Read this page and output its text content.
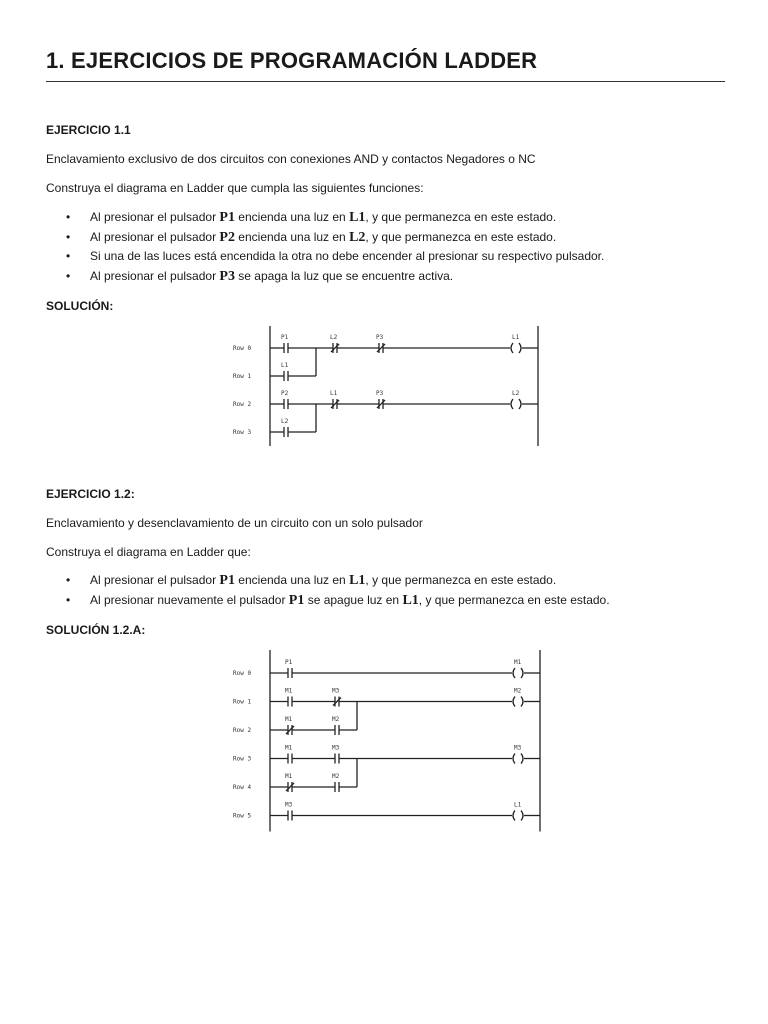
1. EJERCICIOS DE PROGRAMACIÓN LADDER

EJERCICIO 1.1

Enclavamiento exclusivo de dos circuitos con conexiones AND y contactos Negadores o NC

Construya el diagrama en Ladder que cumpla las siguientes funciones:

• Al presionar el pulsador P1 encienda una luz en L1, y que permanezca en este estado.
• Al presionar el pulsador P2 encienda una luz en L2, y que permanezca en este estado.
• Si una de las luces está encendida la otra no debe encender al presionar su respectivo pulsador.
• Al presionar el pulsador P3 se apaga la luz que se encuentre activa.

SOLUCIÓN:

Row 0
Row 1
Row 2
Row 3
P1	L2	P3	L1
L1
P2	L1	P3	L2
L2

EJERCICIO 1.2:

Enclavamiento y desenclavamiento de un circuito con un solo pulsador

Construya el diagrama en Ladder que:

• Al presionar el pulsador P1 encienda una luz en L1, y que permanezca en este estado.
• Al presionar nuevamente el pulsador P1 se apague luz en L1, y que permanezca en este estado.

SOLUCIÓN 1.2.A:

Row 0
Row 1
Row 2
Row 3
Row 4
Row 5
P1	M1
M1	M3	M2
M1	M2
M1	M3	M3
M1	M2
M3	L1
